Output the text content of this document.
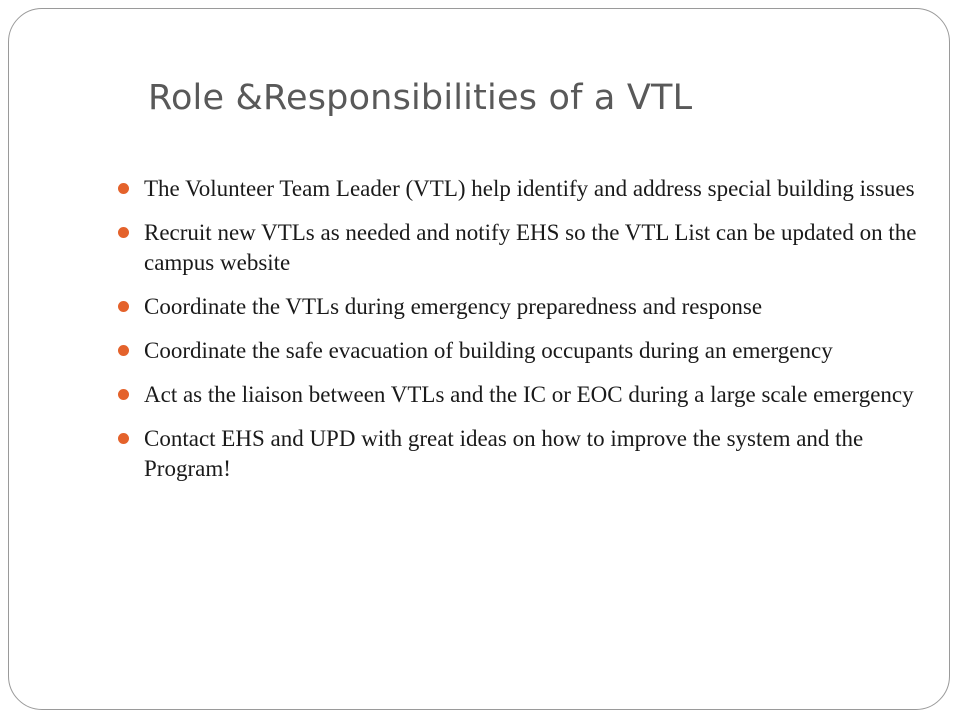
Role &Responsibilities of a VTL
The Volunteer Team Leader (VTL) help identify and address special building issues
Recruit new VTLs as needed and notify EHS so the VTL List can be updated on the campus website
Coordinate the VTLs during emergency preparedness and response
Coordinate the safe evacuation of building occupants during an emergency
Act as the liaison between VTLs and the IC or EOC during a large scale emergency
Contact EHS and UPD with great ideas on how to improve the system and the Program!
